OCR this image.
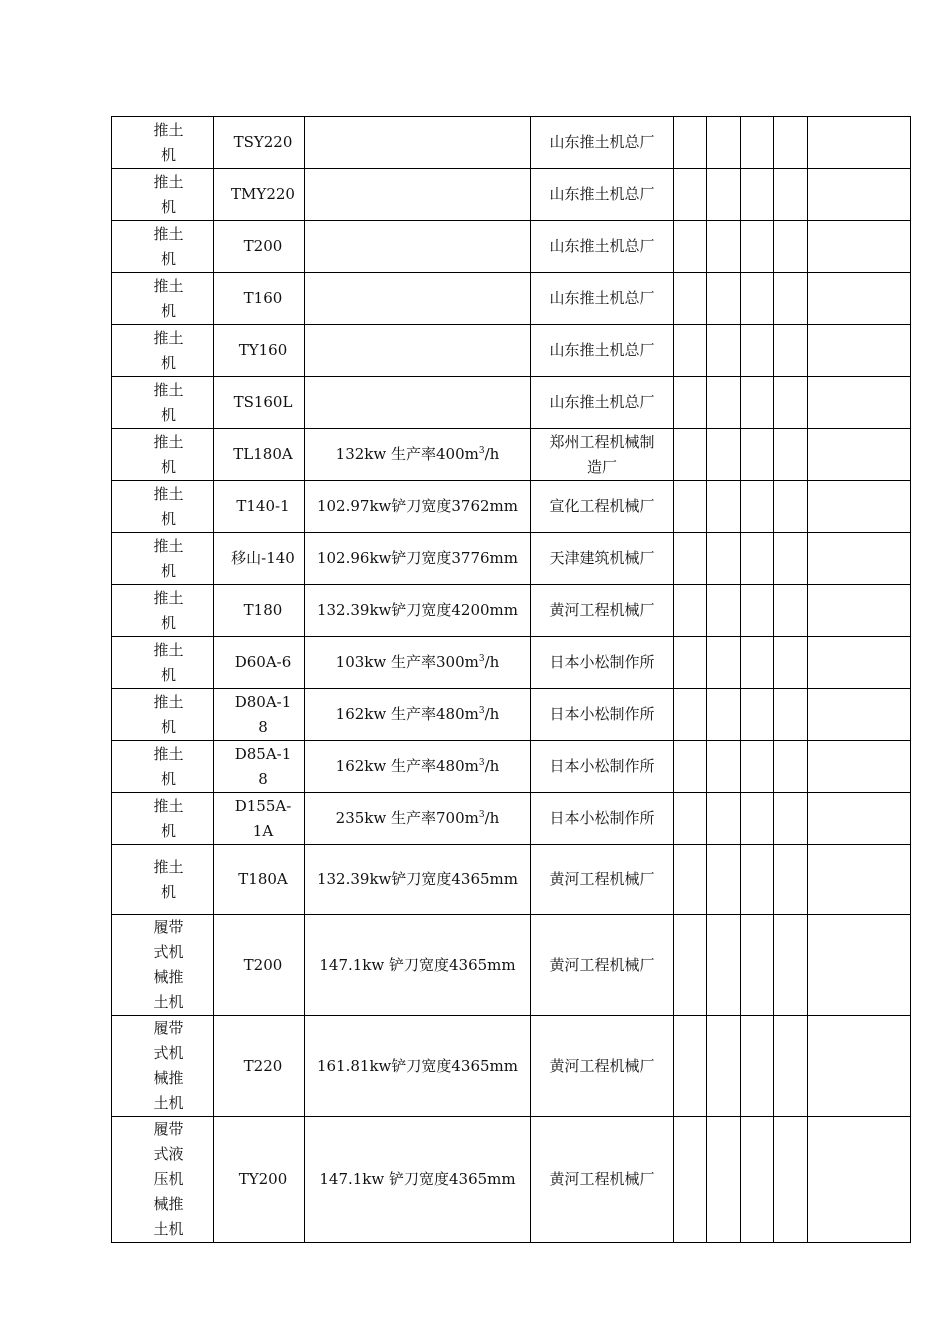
推土机	TSY220		山东推土机总厂					
推土机	TMY220		山东推土机总厂					
推土机	T200		山东推土机总厂					
推土机	T160		山东推土机总厂					
推土机	TY160		山东推土机总厂					
推土机	TS160L		山东推土机总厂					
推土机	TL180A	132kw 生产率$400m^3/h$	郑州工程机械制造厂					
推土机	T140-1	102.97kw铲刀宽度3762mm	宣化工程机械厂					
推土机	移山-140	102.96kw铲刀宽度3776mm	天津建筑机械厂					
推土机	T180	132.39kw铲刀宽度4200mm	黄河工程机械厂					
推土机	D60A-6	103kw 生产率$300m^3/h$	日本小松制作所					
推土机	D80A-18	162kw 生产率$480m^3/h$	日本小松制作所					
推土机	D85A-18	162kw 生产率$480m^3/h$	日本小松制作所					
推土机	D155A-1A	235kw 生产率$700m^3/h$	日本小松制作所					
推土机	T180A	132.39kw铲刀宽度4365mm	黄河工程机械厂					
履带式机械推土机	T200	147.1kw 铲刀宽度4365mm	黄河工程机械厂					
履带式机械推土机	T220	161.81kw铲刀宽度4365mm	黄河工程机械厂					
履带式液压机械推土机	TY200	147.1kw 铲刀宽度4365mm	黄河工程机械厂					
